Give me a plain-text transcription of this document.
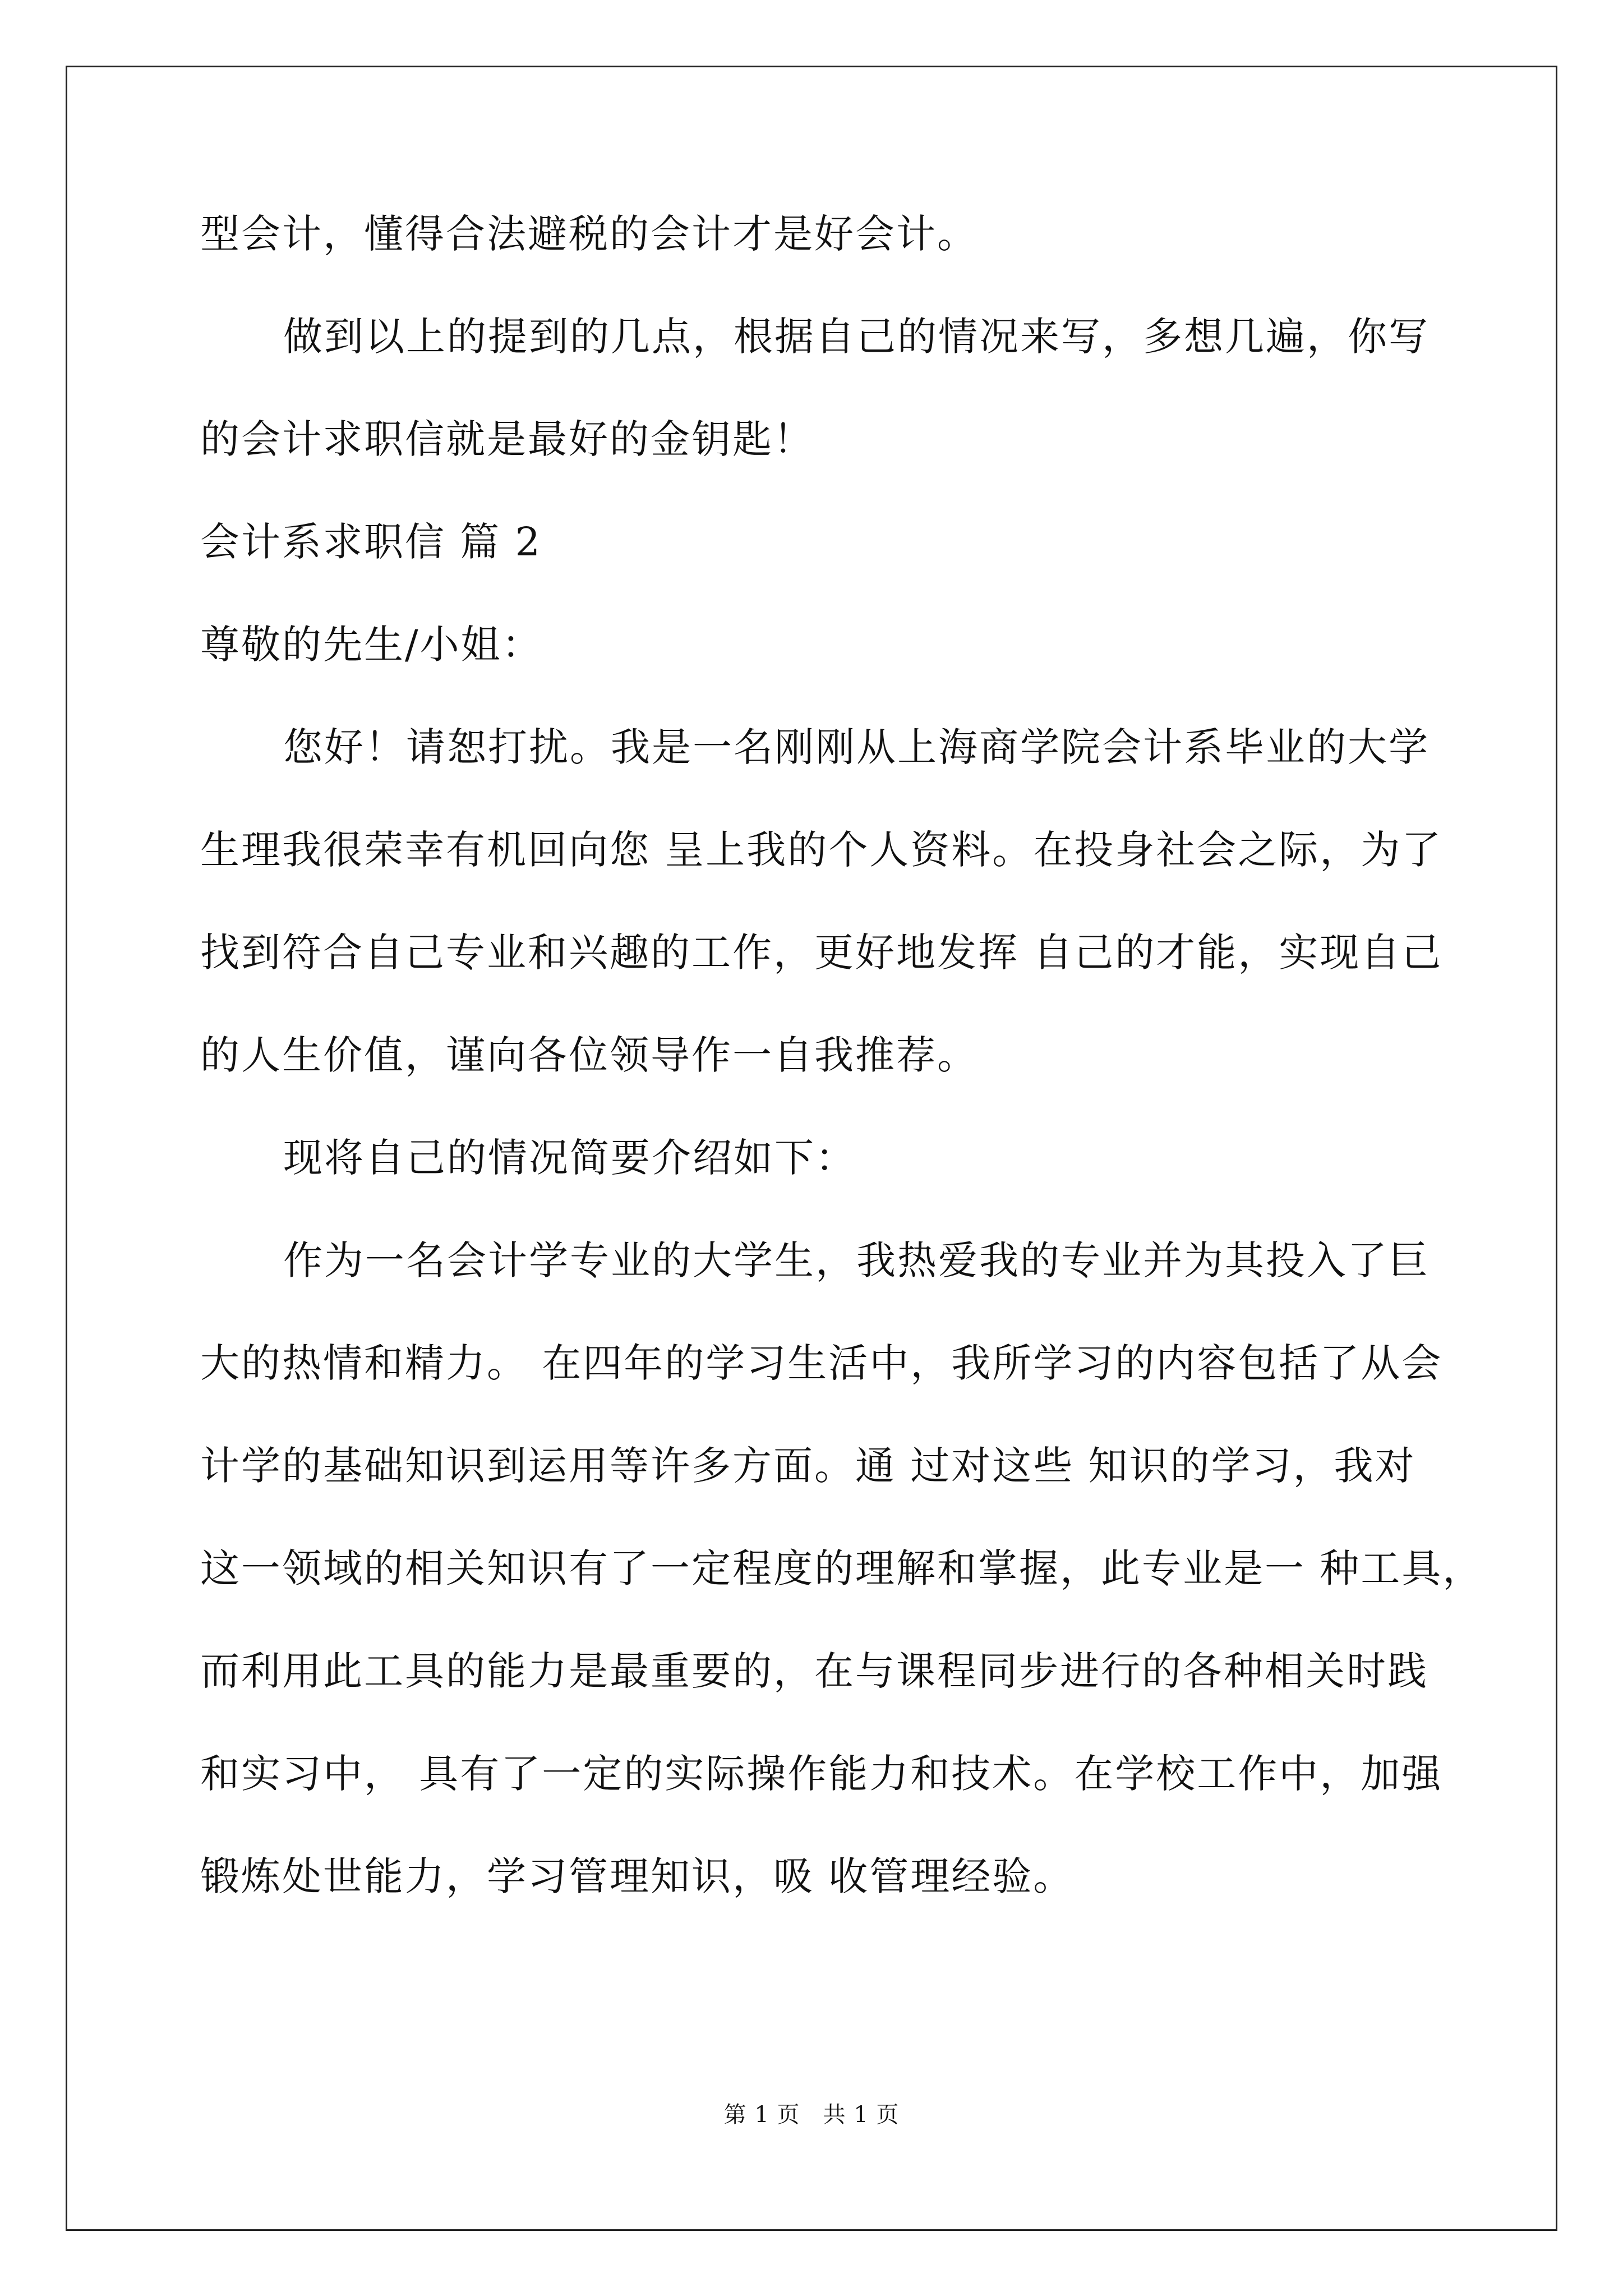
型会计，懂得合法避税的会计才是好会计。
做到以上的提到的几点，根据自己的情况来写，多想几遍，你写
的会计求职信就是最好的金钥匙！
会计系求职信 篇 2
尊敬的先生/小姐：
您好！请恕打扰。我是一名刚刚从上海商学院会计系毕业的大学
生理我很荣幸有机回向您 呈上我的个人资料。在投身社会之际，为了
找到符合自己专业和兴趣的工作，更好地发挥 自己的才能，实现自己
的人生价值，谨向各位领导作一自我推荐。
现将自己的情况简要介绍如下：
作为一名会计学专业的大学生，我热爱我的专业并为其投入了巨
大的热情和精力。 在四年的学习生活中，我所学习的内容包括了从会
计学的基础知识到运用等许多方面。通 过对这些 知识的学习，我对
这一领域的相关知识有了一定程度的理解和掌握，此专业是一 种工具，
而利用此工具的能力是最重要的，在与课程同步进行的各种相关时践
和实习中， 具有了一定的实际操作能力和技术。在学校工作中，加强
锻炼处世能力，学习管理知识，吸 收管理经验。
第 1 页　共 1 页
